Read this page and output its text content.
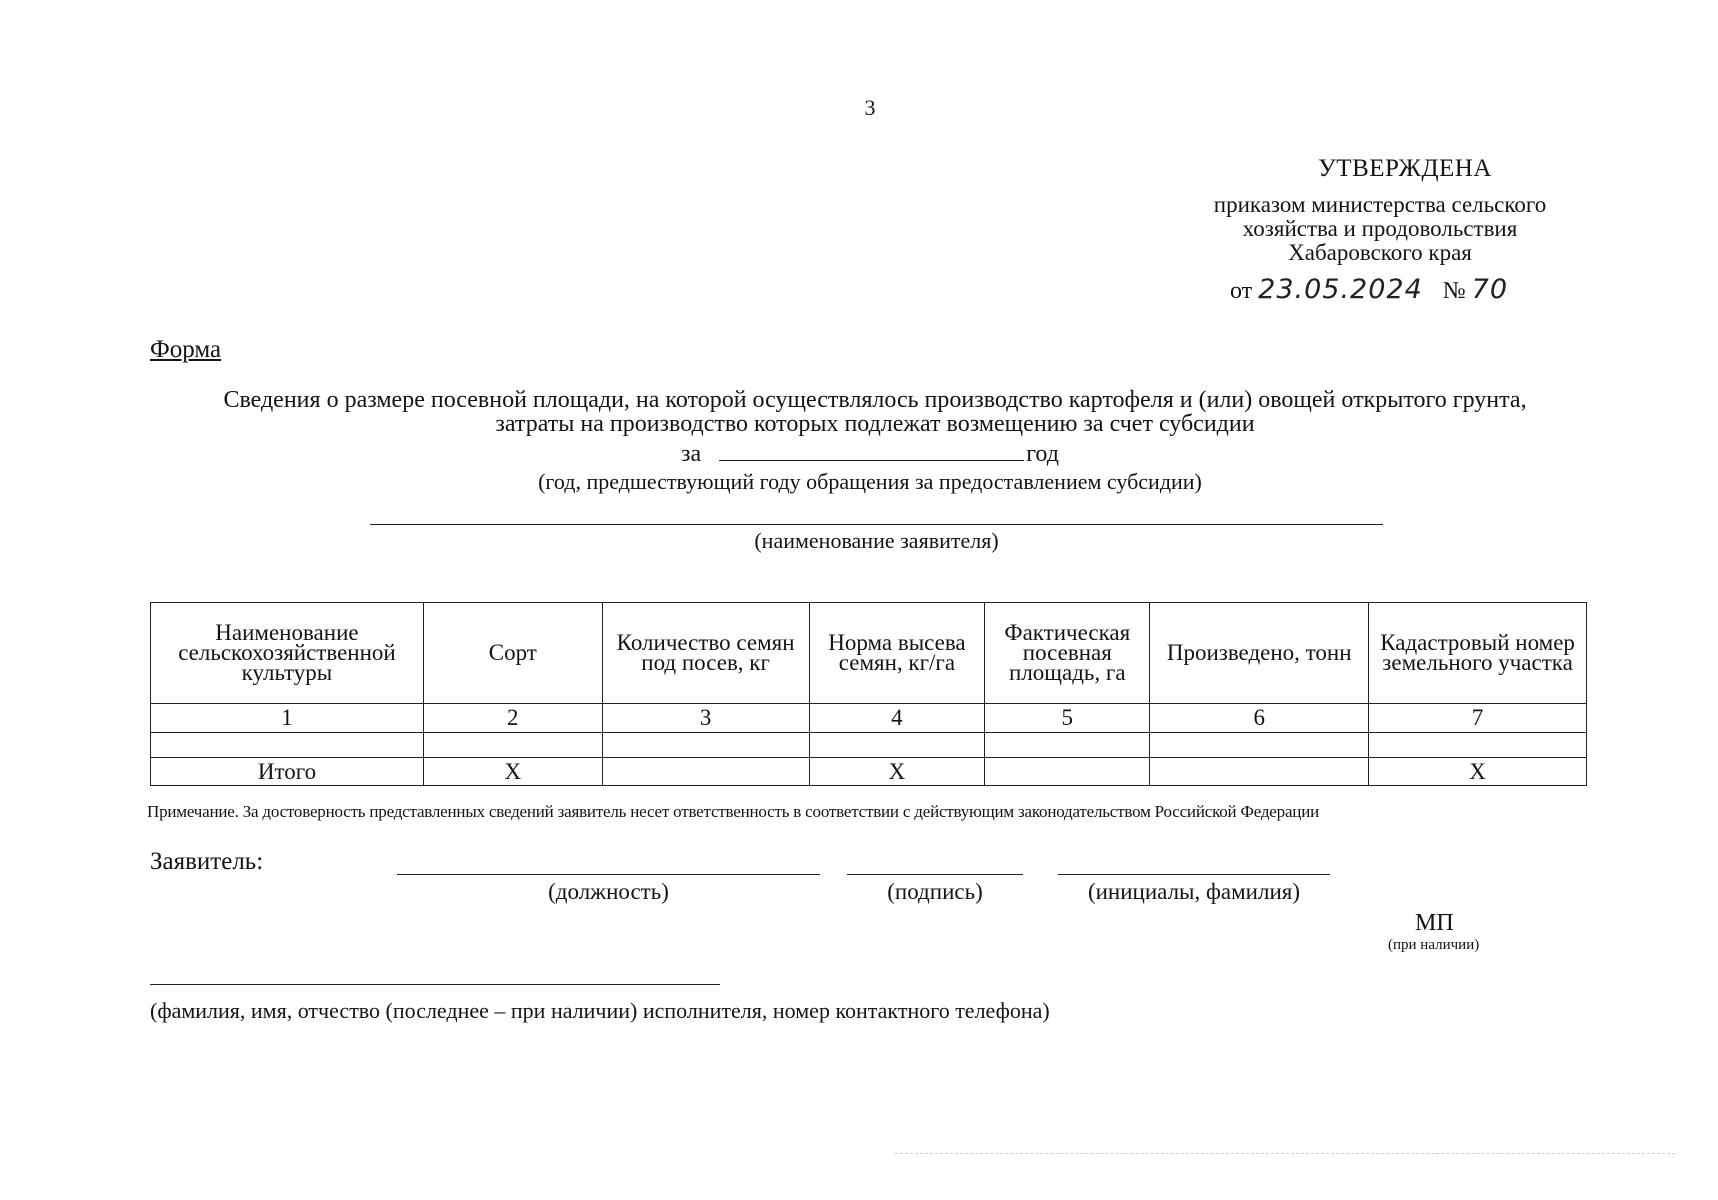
3
УТВЕРЖДЕНА
приказом министерства сельского
хозяйства и продовольствия
Хабаровского края
от 23.05.2024 № 70
Форма
Сведения о размере посевной площади, на которой осуществлялось производство картофеля и (или) овощей открытого грунта,
затраты на производство которых подлежат возмещению за счет субсидии
за	год
(год, предшествующий году обращения за предоставлением субсидии)
(наименование заявителя)
Наименование сельскохозяйственной культуры	Сорт	Количество семян под посев, кг	Норма высева семян, кг/га	Фактическая посевная площадь, га	Произведено, тонн	Кадастровый номер земельного участка
1	2	3	4	5	6	7

Итого	Х		Х			Х
Примечание. За достоверность представленных сведений заявитель несет ответственность в соответствии с действующим законодательством Российской Федерации
Заявитель:
(должность)	(подпись)	(инициалы, фамилия)
МП
(при наличии)
(фамилия, имя, отчество (последнее – при наличии) исполнителя, номер контактного телефона)
